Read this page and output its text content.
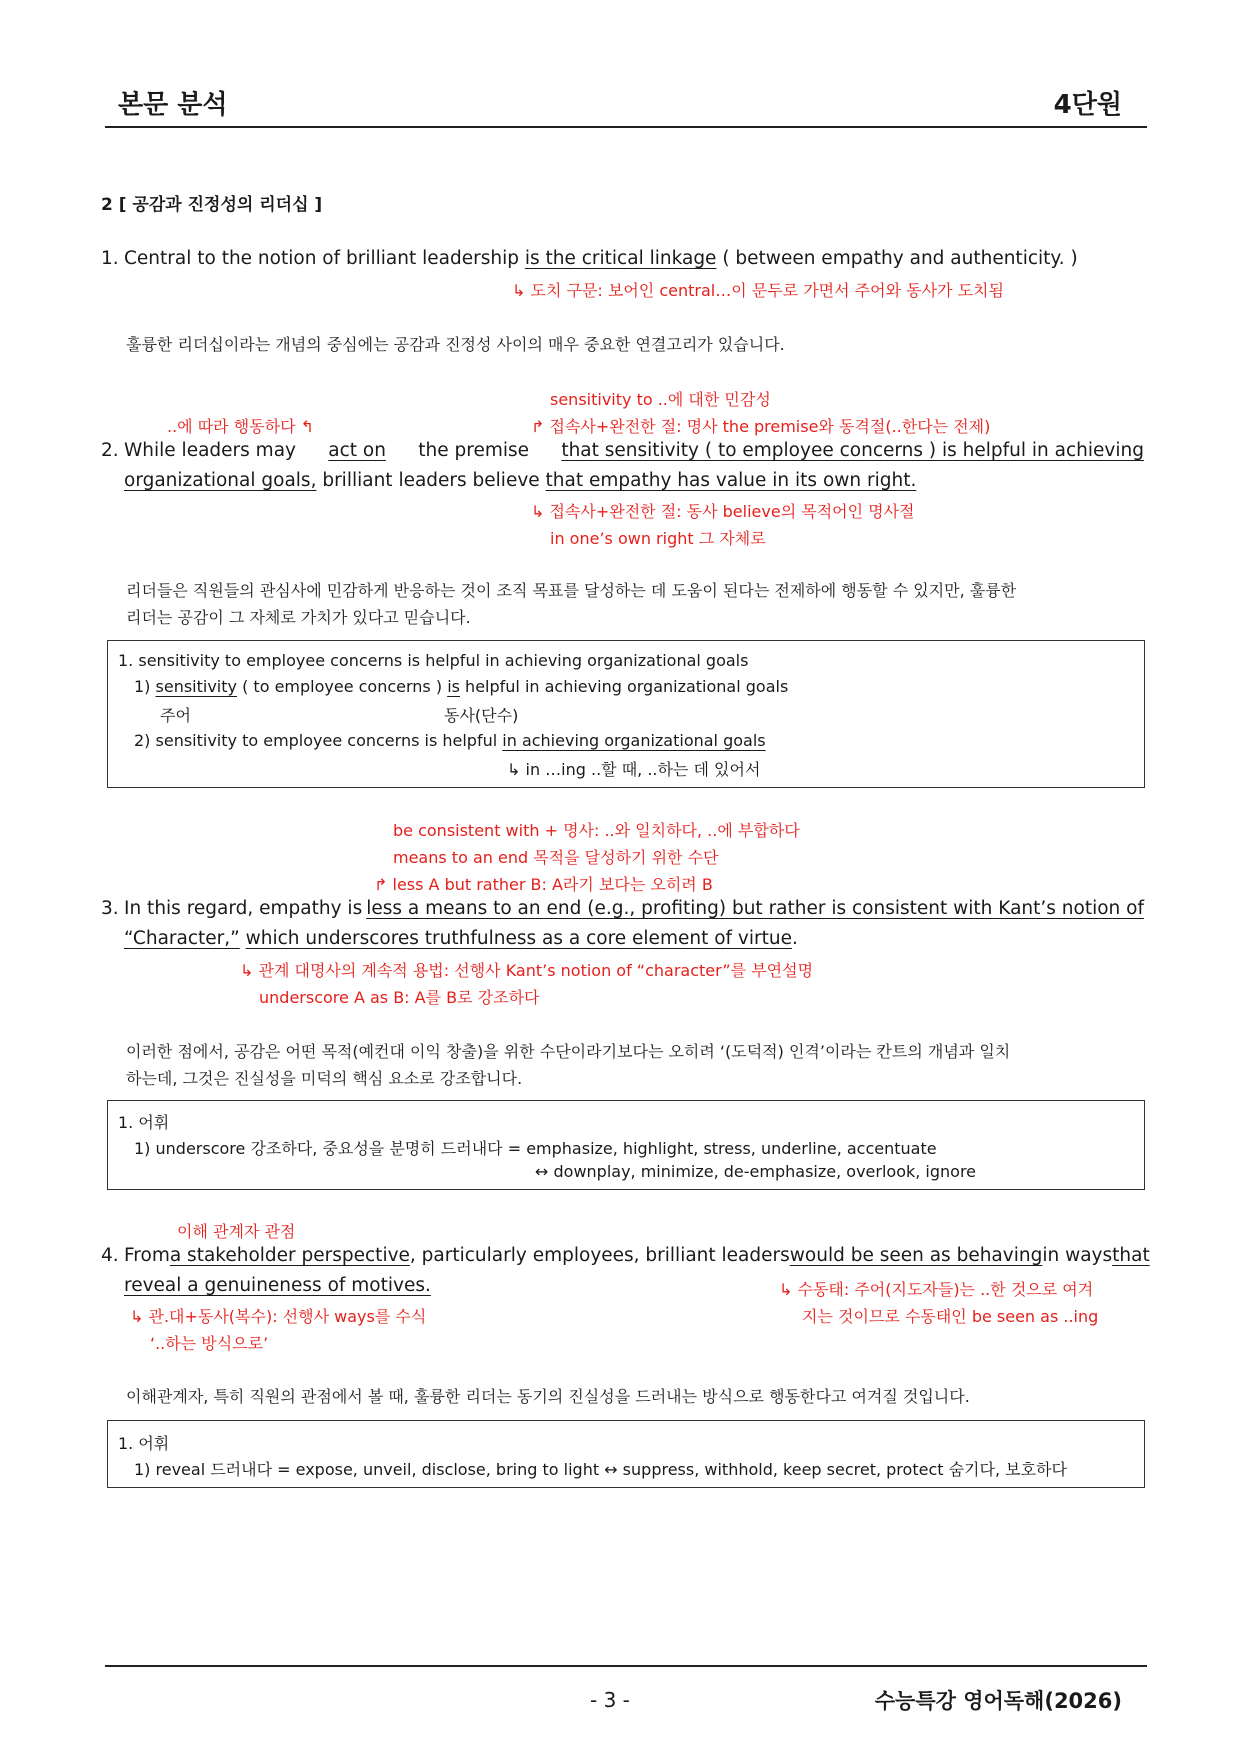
본문 분석	4단원
2 [ 공감과 진정성의 리더십 ]
1. Central to the notion of brilliant leadership is the critical linkage ( between empathy and authenticity. )
↳ 도치 구문: 보어인 central…이 문두로 가면서 주어와 동사가 도치됨
훌륭한 리더십이라는 개념의 중심에는 공감과 진정성 사이의 매우 중요한 연결고리가 있습니다.
sensitivity to ..에 대한 민감성
..에 따라 행동하다 ↰	↱ 접속사+완전한 절: 명사 the premise와 동격절(..한다는 전제)
2. While leaders may act on the premise that sensitivity ( to employee concerns ) is helpful in achieving
organizational goals, brilliant leaders believe that empathy has value in its own right.
↳ 접속사+완전한 절: 동사 believe의 목적어인 명사절
in one’s own right 그 자체로
리더들은 직원들의 관심사에 민감하게 반응하는 것이 조직 목표를 달성하는 데 도움이 된다는 전제하에 행동할 수 있지만, 훌륭한
리더는 공감이 그 자체로 가치가 있다고 믿습니다.
1. sensitivity to employee concerns is helpful in achieving organizational goals
1) sensitivity ( to employee concerns ) is helpful in achieving organizational goals
주어	동사(단수)
2) sensitivity to employee concerns is helpful in achieving organizational goals
↳ in …ing ..할 때, ..하는 데 있어서
be consistent with + 명사: ..와 일치하다, ..에 부합하다
means to an end 목적을 달성하기 위한 수단
↱ less A but rather B: A라기 보다는 오히려 B
3. In this regard, empathy is less a means to an end (e.g., profiting) but rather is consistent with Kant’s notion of
“Character,” which underscores truthfulness as a core element of virtue.
↳ 관계 대명사의 계속적 용법: 선행사 Kant’s notion of “character”를 부연설명
underscore A as B: A를 B로 강조하다
이러한 점에서, 공감은 어떤 목적(예컨대 이익 창출)을 위한 수단이라기보다는 오히려 ‘(도덕적) 인격’이라는 칸트의 개념과 일치
하는데, 그것은 진실성을 미덕의 핵심 요소로 강조합니다.
1. 어휘
1) underscore 강조하다, 중요성을 분명히 드러내다 = emphasize, highlight, stress, underline, accentuate
↔ downplay, minimize, de-emphasize, overlook, ignore
이해 관계자 관점
4. From a stakeholder perspective , particularly employees, brilliant leaders would be seen as behaving in ways that
reveal a genuineness of motives.	↳ 수동태: 주어(지도자들)는 ..한 것으로 여겨
지는 것이므로 수동태인 be seen as ..ing
↳ 관.대+동사(복수): 선행사 ways를 수식
‘..하는 방식으로’
이해관계자, 특히 직원의 관점에서 볼 때, 훌륭한 리더는 동기의 진실성을 드러내는 방식으로 행동한다고 여겨질 것입니다.
1. 어휘
1) reveal 드러내다 = expose, unveil, disclose, bring to light ↔ suppress, withhold, keep secret, protect 숨기다, 보호하다
- 3 -	수능특강 영어독해(2026)
